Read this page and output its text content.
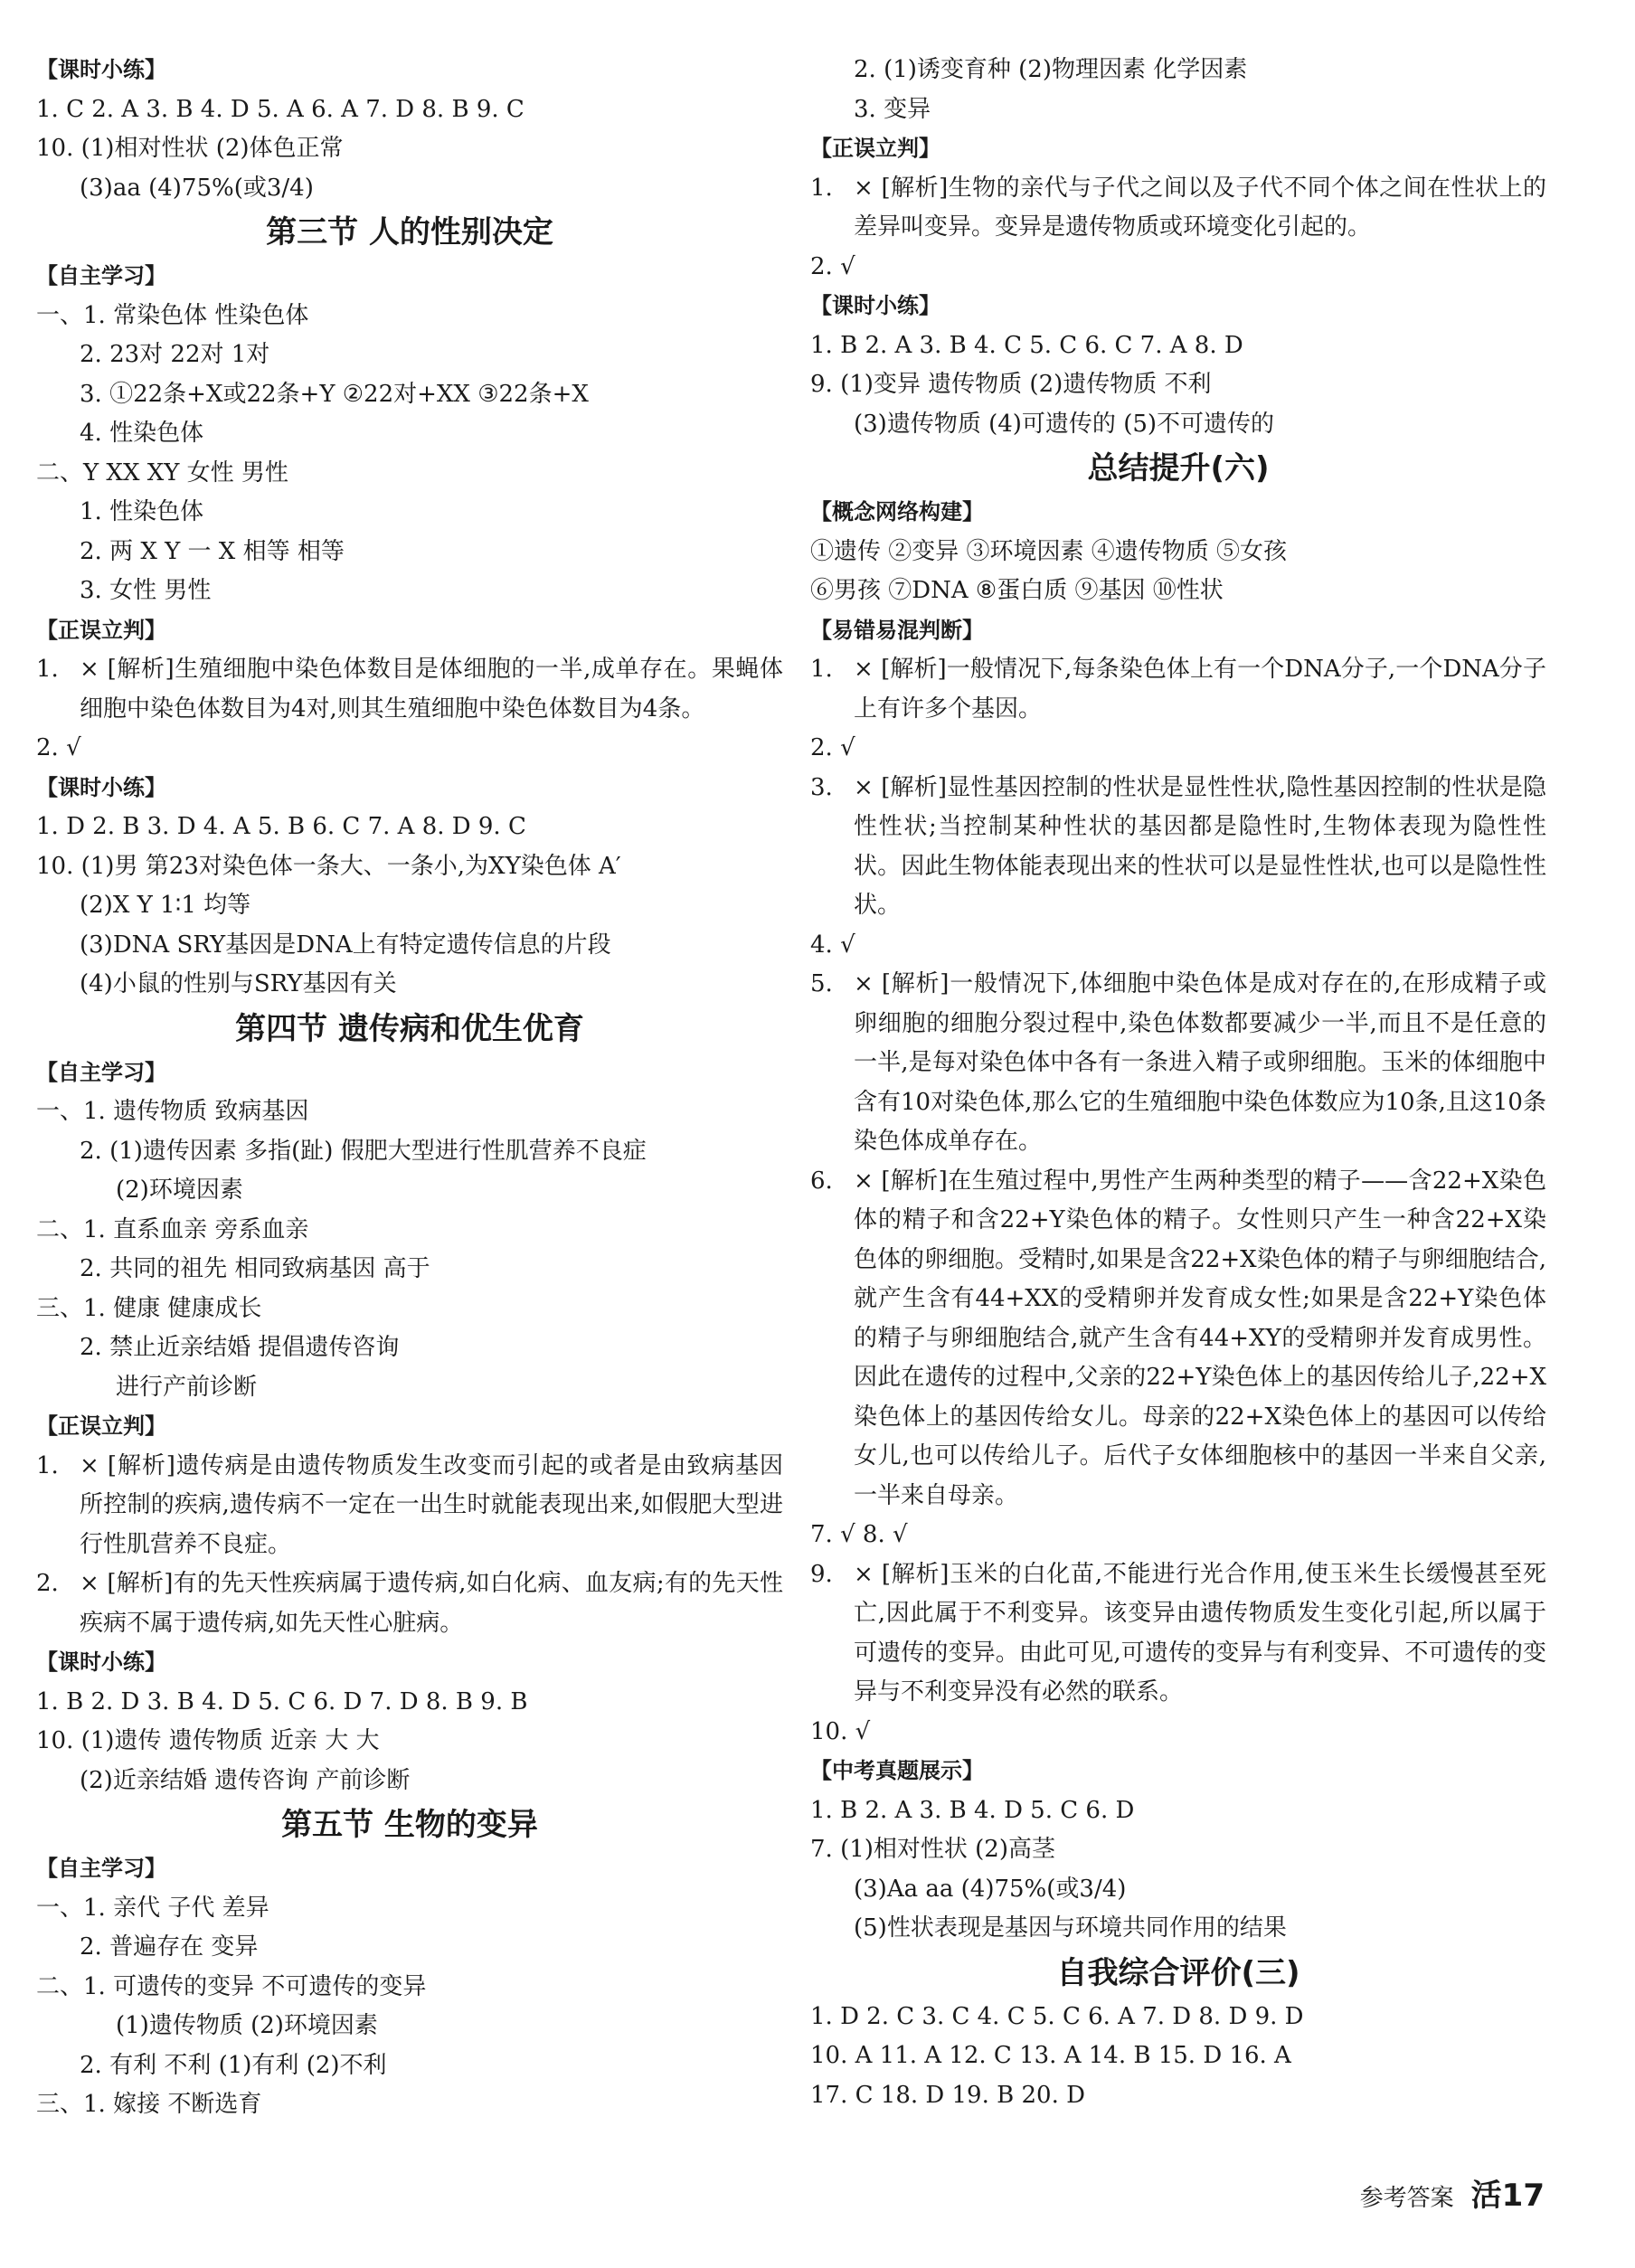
【课时小练】
1. C 2. A 3. B 4. D 5. A 6. A 7. D 8. B 9. C
10. (1)相对性状 (2)体色正常
(3)aa (4)75%(或3/4)
第三节 人的性别决定
【自主学习】
一、1. 常染色体 性染色体
2. 23对 22对 1对
3. ①22条+X或22条+Y ②22对+XX ③22条+X
4. 性染色体
二、Y XX XY 女性 男性
1. 性染色体
2. 两 X Y 一 X 相等 相等
3. 女性 男性
【正误立判】
1. × [解析]生殖细胞中染色体数目是体细胞的一半,成单存在。果蝇体细胞中染色体数目为4对,则其生殖细胞中染色体数目为4条。
2. √
【课时小练】
1. D 2. B 3. D 4. A 5. B 6. C 7. A 8. D 9. C
10. (1)男 第23对染色体一条大、一条小,为XY染色体 A′
(2)X Y 1∶1 均等
(3)DNA SRY基因是DNA上有特定遗传信息的片段
(4)小鼠的性别与SRY基因有关
第四节 遗传病和优生优育
【自主学习】
一、1. 遗传物质 致病基因
2. (1)遗传因素 多指(趾) 假肥大型进行性肌营养不良症
(2)环境因素
二、1. 直系血亲 旁系血亲
2. 共同的祖先 相同致病基因 高于
三、1. 健康 健康成长
2. 禁止近亲结婚 提倡遗传咨询
进行产前诊断
【正误立判】
1. × [解析]遗传病是由遗传物质发生改变而引起的或者是由致病基因所控制的疾病,遗传病不一定在一出生时就能表现出来,如假肥大型进行性肌营养不良症。
2. × [解析]有的先天性疾病属于遗传病,如白化病、血友病;有的先天性疾病不属于遗传病,如先天性心脏病。
【课时小练】
1. B 2. D 3. B 4. D 5. C 6. D 7. D 8. B 9. B
10. (1)遗传 遗传物质 近亲 大 大
(2)近亲结婚 遗传咨询 产前诊断
第五节 生物的变异
【自主学习】
一、1. 亲代 子代 差异
2. 普遍存在 变异
二、1. 可遗传的变异 不可遗传的变异
(1)遗传物质 (2)环境因素
2. 有利 不利 (1)有利 (2)不利
三、1. 嫁接 不断选育
2. (1)诱变育种 (2)物理因素 化学因素
3. 变异
【正误立判】
1. × [解析]生物的亲代与子代之间以及子代不同个体之间在性状上的差异叫变异。变异是遗传物质或环境变化引起的。
2. √
【课时小练】
1. B 2. A 3. B 4. C 5. C 6. C 7. A 8. D
9. (1)变异 遗传物质 (2)遗传物质 不利
(3)遗传物质 (4)可遗传的 (5)不可遗传的
总结提升(六)
【概念网络构建】
①遗传 ②变异 ③环境因素 ④遗传物质 ⑤女孩
⑥男孩 ⑦DNA ⑧蛋白质 ⑨基因 ⑩性状
【易错易混判断】
1. × [解析]一般情况下,每条染色体上有一个DNA分子,一个DNA分子上有许多个基因。
2. √
3. × [解析]显性基因控制的性状是显性性状,隐性基因控制的性状是隐性性状;当控制某种性状的基因都是隐性时,生物体表现为隐性性状。因此生物体能表现出来的性状可以是显性性状,也可以是隐性性状。
4. √
5. × [解析]一般情况下,体细胞中染色体是成对存在的,在形成精子或卵细胞的细胞分裂过程中,染色体数都要减少一半,而且不是任意的一半,是每对染色体中各有一条进入精子或卵细胞。玉米的体细胞中含有10对染色体,那么它的生殖细胞中染色体数应为10条,且这10条染色体成单存在。
6. × [解析]在生殖过程中,男性产生两种类型的精子——含22+X染色体的精子和含22+Y染色体的精子。女性则只产生一种含22+X染色体的卵细胞。受精时,如果是含22+X染色体的精子与卵细胞结合,就产生含有44+XX的受精卵并发育成女性;如果是含22+Y染色体的精子与卵细胞结合,就产生含有44+XY的受精卵并发育成男性。因此在遗传的过程中,父亲的22+Y染色体上的基因传给儿子,22+X染色体上的基因传给女儿。母亲的22+X染色体上的基因可以传给女儿,也可以传给儿子。后代子女体细胞核中的基因一半来自父亲,一半来自母亲。
7. √ 8. √
9. × [解析]玉米的白化苗,不能进行光合作用,使玉米生长缓慢甚至死亡,因此属于不利变异。该变异由遗传物质发生变化引起,所以属于可遗传的变异。由此可见,可遗传的变异与有利变异、不可遗传的变异与不利变异没有必然的联系。
10. √
【中考真题展示】
1. B 2. A 3. B 4. D 5. C 6. D
7. (1)相对性状 (2)高茎
(3)Aa aa (4)75%(或3/4)
(5)性状表现是基因与环境共同作用的结果
自我综合评价(三)
1. D 2. C 3. C 4. C 5. C 6. A 7. D 8. D 9. D
10. A 11. A 12. C 13. A 14. B 15. D 16. A
17. C 18. D 19. B 20. D
参考答案 活17
